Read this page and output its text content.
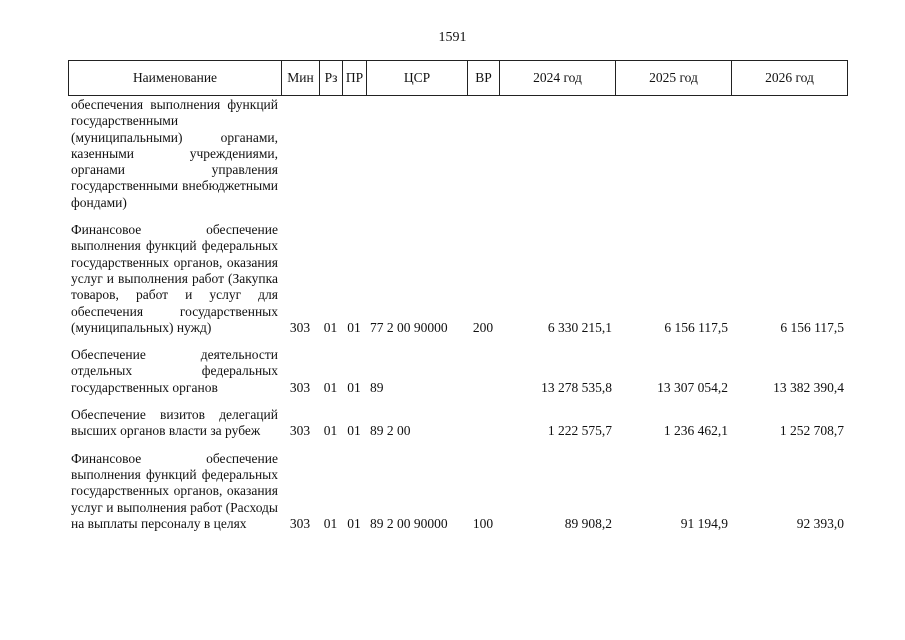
1591
Наименование	Мин	Рз	ПР	ЦСР	ВР	2024 год	2025 год	2026 год
обеспечения выполнения функций государственными (муниципальными) органами, казенными учреждениями, органами управления государственными внебюджетными фондами)								

Финансовое обеспечение выполнения функций федеральных государственных органов, оказания услуг и выполнения работ (Закупка товаров, работ и услуг для обеспечения государственных (муниципальных) нужд)	303	01	01	77 2 00 90000	200	6 330 215,1	6 156 117,5	6 156 117,5

Обеспечение деятельности отдельных федеральных государственных органов	303	01	01	89		13 278 535,8	13 307 054,2	13 382 390,4

Обеспечение визитов делегаций высших органов власти за рубеж	303	01	01	89 2 00		1 222 575,7	1 236 462,1	1 252 708,7

Финансовое обеспечение выполнения функций федеральных государственных органов, оказания услуг и выполнения работ (Расходы на выплаты персоналу в целях	303	01	01	89 2 00 90000	100	89 908,2	91 194,9	92 393,0
